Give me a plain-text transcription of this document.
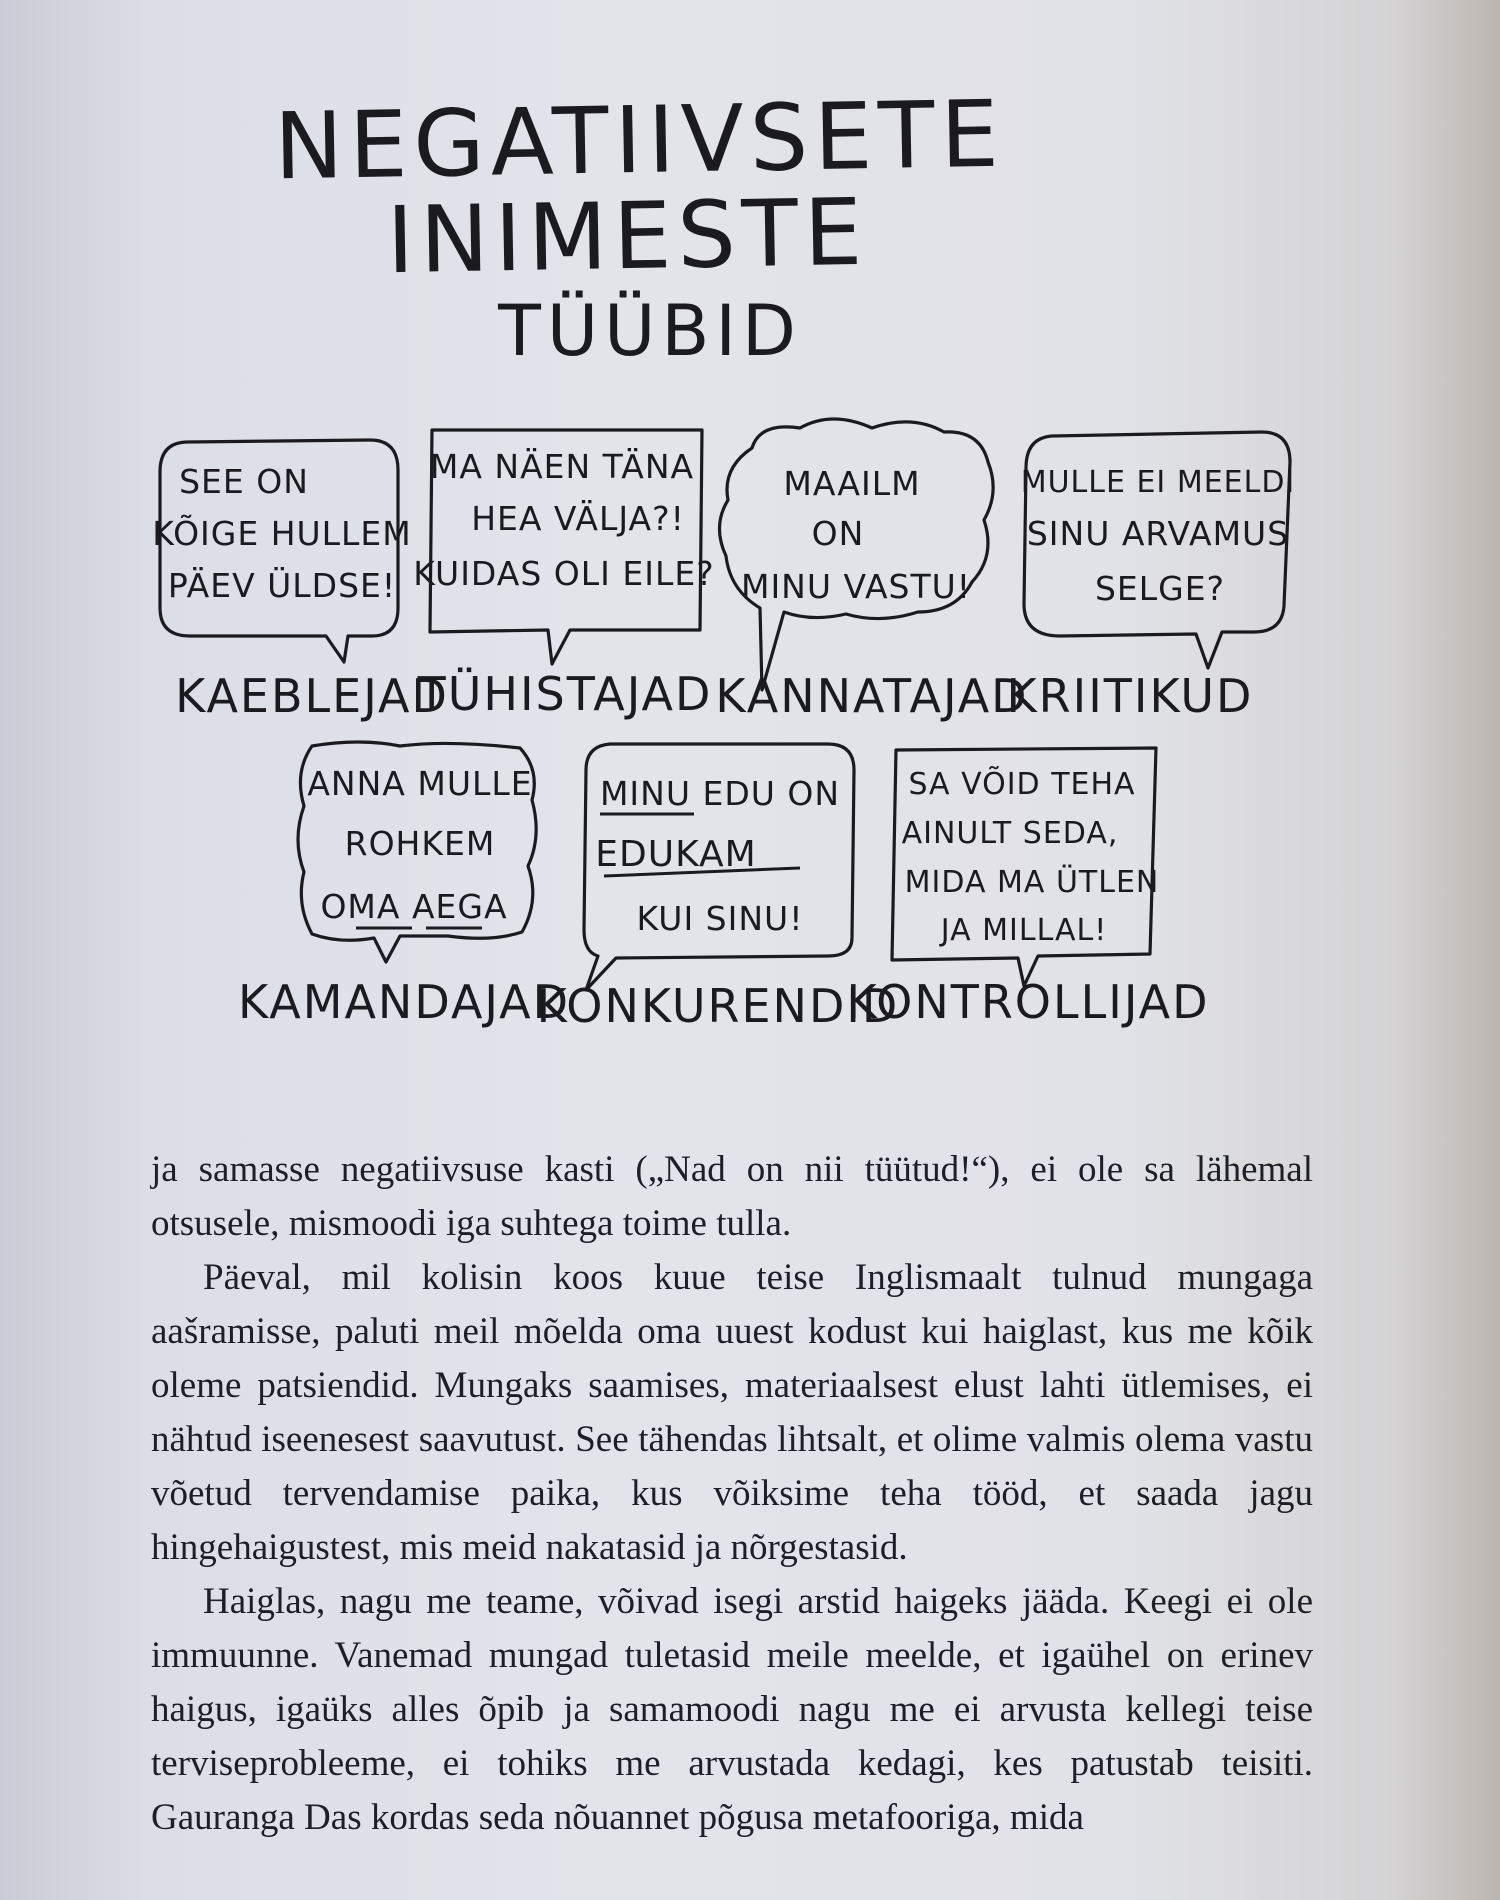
NEGATIIVSETE
INIMESTE
TÜÜBID
SEE ON
KÕIGE HULLEM
PÄEV ÜLDSE!
KAEBLEJAD
MA NÄEN TÄNA
HEA VÄLJA?!
KUIDAS OLI EILE?
TÜHISTAJAD
MAAILM
ON
MINU VASTU!
KANNATAJAD
MULLE EI MEELDI
SINU ARVAMUS
SELGE?
KRIITIKUD
ANNA MULLE
ROHKEM
OMA AEGA
KAMANDAJAD
MINU EDU ON
EDUKAM
KUI SINU!
KONKURENDID
SA VÕID TEHA
AINULT SEDA,
MIDA MA ÜTLEN
JA MILLAL!
KONTROLLIJAD

ja samasse negatiivsuse kasti („Nad on nii tüütud!“), ei ole sa lähemal otsusele, mismoodi iga suhtega toime tulla.

Päeval, mil kolisin koos kuue teise Inglismaalt tulnud mungaga aašramisse, paluti meil mõelda oma uuest kodust kui haiglast, kus me kõik oleme patsiendid. Mungaks saamises, materiaalsest elust lahti ütlemises, ei nähtud iseenesest saavutust. See tähendas lihtsalt, et olime valmis olema vastu võetud tervendamise paika, kus võiksime teha tööd, et saada jagu hingehaigustest, mis meid nakatasid ja nõrgestasid.

Haiglas, nagu me teame, võivad isegi arstid haigeks jääda. Keegi ei ole immuunne. Vanemad mungad tuletasid meile meelde, et igaühel on erinev haigus, igaüks alles õpib ja samamoodi nagu me ei arvusta kellegi teise terviseprobleeme, ei tohiks me arvustada kedagi, kes patustab teisiti. Gauranga Das kordas seda nõuannet põgusa metafooriga, mida
